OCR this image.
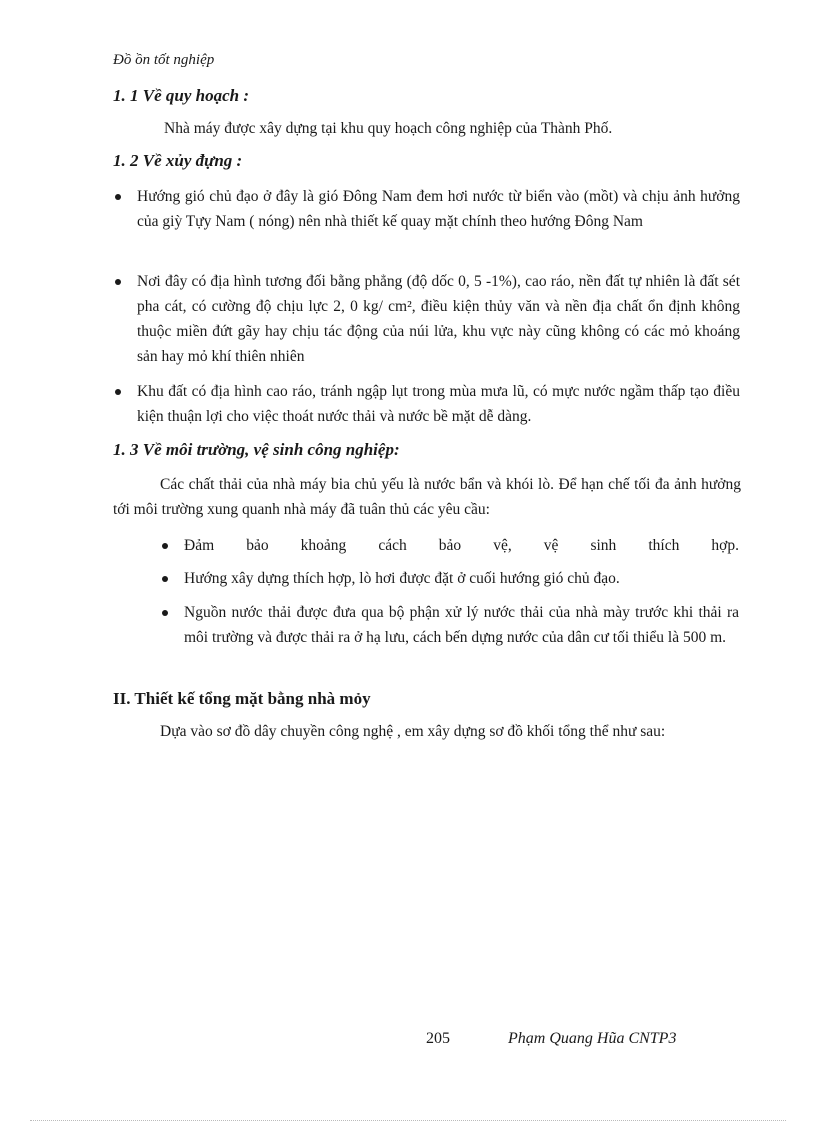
Đồ ồn tốt nghiệp
1. 1 Về quy hoạch :
Nhà máy được xây dựng tại khu quy hoạch công nghiệp của Thành Phố.
1. 2 Về xủy đựng :
Hướng gió chủ đạo ở đây là gió Đông Nam đem hơi nước từ biển vào (mồt) và chịu ảnh hưởng của giỳ Tựy Nam ( nóng) nên nhà thiết kế quay mặt chính theo hướng Đông Nam
Nơi đây có địa hình tương đối bằng phẳng (độ dốc 0, 5 -1%), cao ráo, nền đất tự nhiên là đất sét pha cát, có cường độ chịu lực 2, 0 kg/ cm², điều kiện thủy văn và nền địa chất ổn định không thuộc miền đứt gãy hay chịu tác động của núi lửa, khu vực này cũng không có các mỏ khoáng sản hay mỏ khí thiên nhiên
Khu đất có địa hình cao ráo, tránh ngập lụt trong mùa mưa lũ, có mực nước ngầm thấp tạo điều kiện thuận lợi cho việc thoát nước thải và nước bề mặt dễ dàng.
1. 3 Về môi trường, vệ sinh công nghiệp:
Các chất thải của nhà máy bia chủ yếu là nước bẩn và khói lò. Để hạn chế tối đa ảnh hưởng tới môi trường xung quanh nhà máy đã tuân thủ các yêu cầu:
Đảm bảo khoảng cách bảo vệ, vệ sinh thích hợp.
Hướng xây dựng thích hợp, lò hơi được đặt ở cuối hướng gió chủ đạo.
Nguồn nước thải được đưa qua bộ phận xử lý nước thải của nhà mày trước khi thải ra môi trường và được thải ra ở hạ lưu, cách bến dựng nước của dân cư tối thiểu là 500 m.
II. Thiết kế tổng mặt bằng nhà mỏy
Dựa vào sơ đồ dây chuyền công nghệ , em xây dựng sơ đồ khối tổng thể như sau:
205	Phạm Quang Hũa CNTP3
